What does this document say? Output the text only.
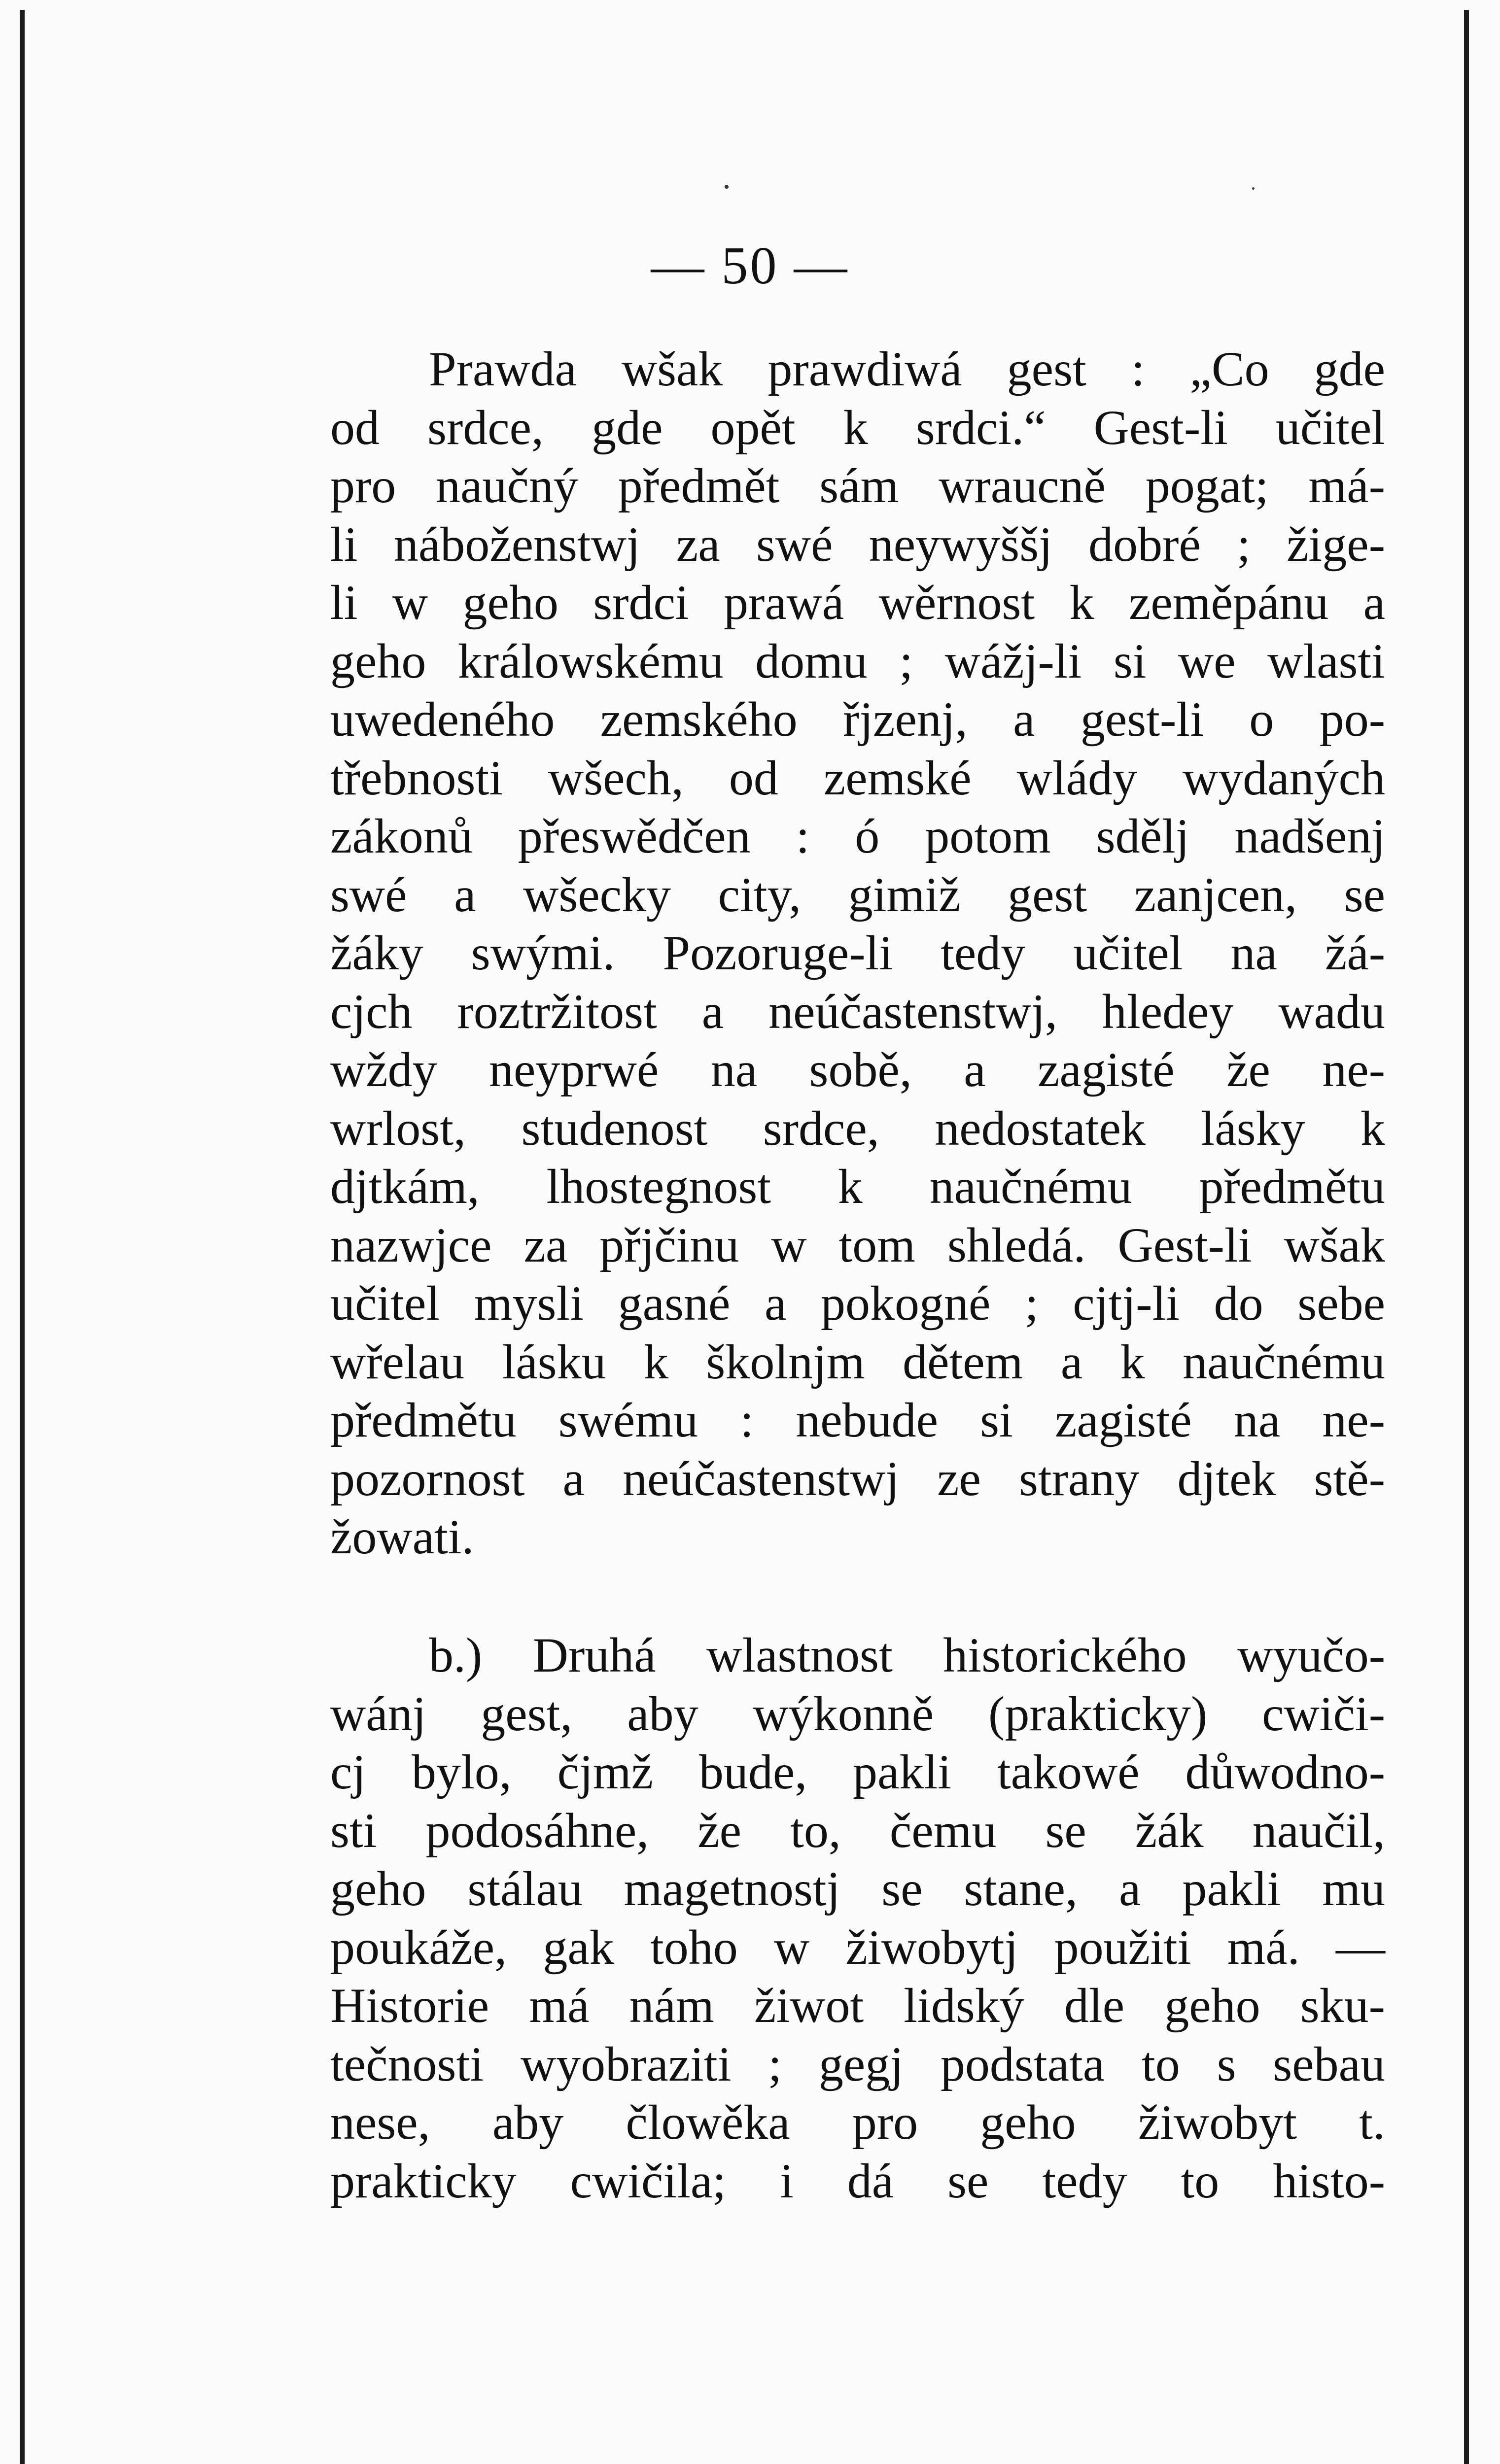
— 50 —
Prawda wšak prawdiwá gest : „Co gde
od srdce, gde opět k srdci.“ Gest-li učitel
pro naučný předmět sám wraucně pogat; má-
li náboženstwj za swé neywyššj dobré ; žige-
li w geho srdci prawá wěrnost k zeměpánu a
geho králowskému domu ; wážj-li si we wlasti
uwedeného zemského řjzenj, a gest-li o po-
třebnosti wšech, od zemské wlády wydaných
zákonů přeswědčen : ó potom sdělj nadšenj
swé a wšecky city, gimiž gest zanjcen, se
žáky swými. Pozoruge-li tedy učitel na žá-
cjch roztržitost a neúčastenstwj, hledey wadu
wždy neyprwé na sobě, a zagisté že ne-
wrlost, studenost srdce, nedostatek lásky k
djtkám, lhostegnost k naučnému předmětu
nazwjce za přjčinu w tom shledá. Gest-li wšak
učitel mysli gasné a pokogné ; cjtj-li do sebe
wřelau lásku k školnjm dětem a k naučnému
předmětu swému : nebude si zagisté na ne-
pozornost a neúčastenstwj ze strany djtek stě-
žowati.
b.) Druhá wlastnost historického wyučo-
wánj gest, aby wýkonně (prakticky) cwiči-
cj bylo, čjmž bude, pakli takowé důwodno-
sti podosáhne, že to, čemu se žák naučil,
geho stálau magetnostj se stane, a pakli mu
poukáže, gak toho w žiwobytj použiti má. —
Historie má nám žiwot lidský dle geho sku-
tečnosti wyobraziti ; gegj podstata to s sebau
nese, aby člowěka pro geho žiwobyt t.
prakticky cwičila; i dá se tedy to histo-
